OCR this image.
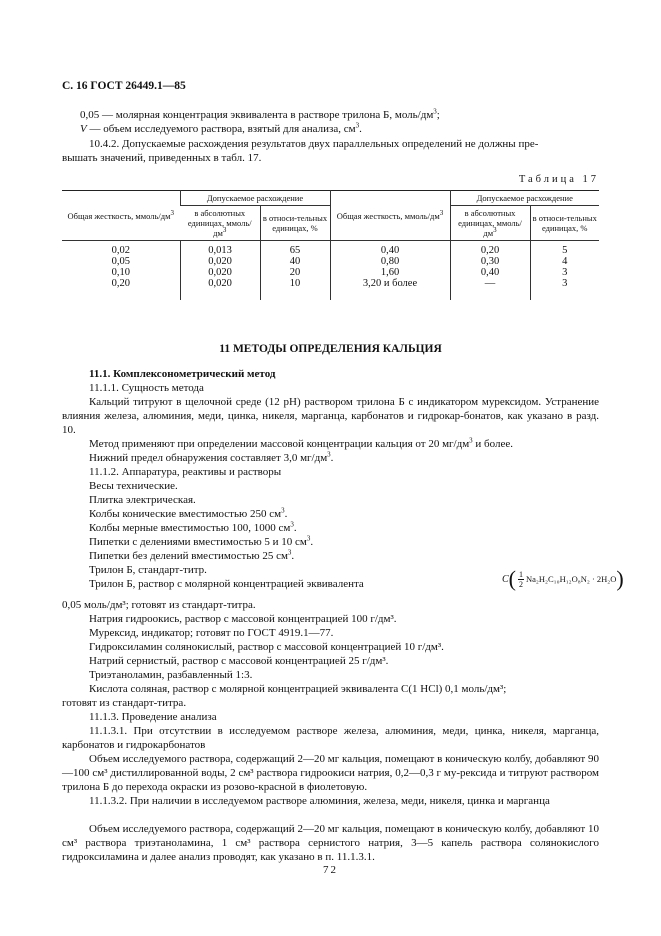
С. 16 ГОСТ 26449.1—85
0,05 — молярная концентрация эквивалента в растворе трилона Б, моль/$дм^3$;
V — объем исследуемого раствора, взятый для анализа, $см^3$.
10.4.2. Допускаемые расхождения результатов двух параллельных определений не должны пре-
вышать значений, приведенных в табл. 17.
Таблица 17
Общая жесткость, ммоль/$дм^3$	Допускаемое расхождение		Общая жесткость, ммоль/$дм^3$	Допускаемое расхождение	
	в абсолютных единицах, ммоль/$дм^3$	в относи-тельных единицах, %		в абсолютных единицах, ммоль/$дм^3$	в относи-тельных единицах, %
0,02	0,013	65	0,40	0,20	5
0,05	0,020	40	0,80	0,30	4
0,10	0,020	20	1,60	0,40	3
0,20	0,020	10	3,20 и более	—	3
11 МЕТОДЫ ОПРЕДЕЛЕНИЯ КАЛЬЦИЯ
11.1. Комплексонометрический метод
11.1.1. Сущность метода
Кальций титруют в щелочной среде (12 рН) раствором трилона Б с индикатором мурексидом. Устранение влияния железа, алюминия, меди, цинка, никеля, марганца, карбонатов и гидрокар-бонатов, как указано в разд. 10.
Метод применяют при определении массовой концентрации кальция от 20 $мг/дм^3$ и более.
Нижний предел обнаружения составляет 3,0 $мг/дм^3$.
11.1.2. Аппаратура, реактивы и растворы
Весы технические.
Плитка электрическая.
Колбы конические вместимостью 250 $см^3$.
Колбы мерные вместимостью 100, 1000 $см^3$.
Пипетки с делениями вместимостью 5 и 10 $см^3$.
Пипетки без делений вместимостью 25 $см^3$.
Трилон Б, стандарт-титр.
Трилон Б, раствор с молярной концентрацией эквивалента	C ( $\frac{1}{2} Na_2H_2C_{10}H_{12}O_8N_2 \cdot 2H_2O$ )
0,05 моль/дм³; готовят из стандарт-титра.
Натрия гидроокись, раствор с массовой концентрацией 100 г/дм³.
Мурексид, индикатор; готовят по ГОСТ 4919.1—77.
Гидроксиламин солянокислый, раствор с массовой концентрацией 10 г/дм³.
Натрий сернистый, раствор с массовой концентрацией 25 г/дм³.
Триэтаноламин, разбавленный 1:3.
Кислота соляная, раствор с молярной концентрацией эквивалента C(1 HCl) 0,1 моль/дм³;
готовят из стандарт-титра.
11.1.3. Проведение анализа
11.1.3.1. При отсутствии в исследуемом растворе железа, алюминия, меди, цинка, никеля, марганца, карбонатов и гидрокарбонатов
Объем исследуемого раствора, содержащий 2—20 мг кальция, помещают в коническую колбу, добавляют 90—100 см³ дистиллированной воды, 2 см³ раствора гидроокиси натрия, 0,2—0,3 г му-рексида и титруют раствором трилона Б до перехода окраски из розово-красной в фиолетовую.
11.1.3.2. При наличии в исследуемом растворе алюминия, железа, меди, никеля, цинка и марганца
Объем исследуемого раствора, содержащий 2—20 мг кальция, помещают в коническую колбу, добавляют 10 см³ раствора триэтаноламина, 1 см³ раствора сернистого натрия, 3—5 капель раствора солянокислого гидроксиламина и далее анализ проводят, как указано в п. 11.1.3.1.
72
